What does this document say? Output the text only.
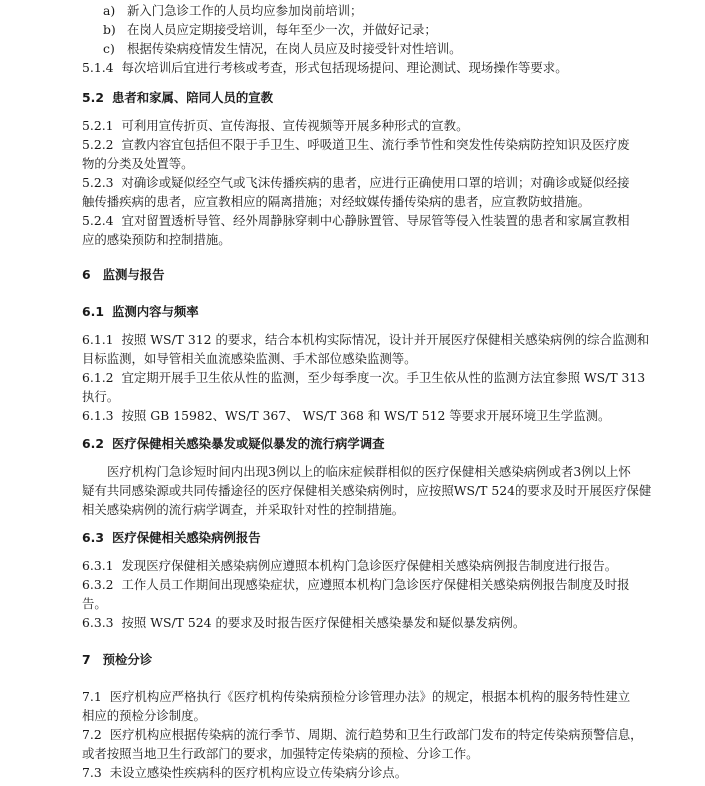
a) 新入门急诊工作的人员均应参加岗前培训；
b) 在岗人员应定期接受培训，每年至少一次，并做好记录；
c) 根据传染病疫情发生情况，在岗人员应及时接受针对性培训。
5.1.4 每次培训后宜进行考核或考查，形式包括现场提问、理论测试、现场操作等要求。
5.2 患者和家属、陪同人员的宣教
5.2.1 可利用宣传折页、宣传海报、宣传视频等开展多种形式的宣教。
5.2.2 宣教内容宜包括但不限于手卫生、呼吸道卫生、流行季节性和突发性传染病防控知识及医疗废
物的分类及处置等。
5.2.3 对确诊或疑似经空气或飞沫传播疾病的患者，应进行正确使用口罩的培训；对确诊或疑似经接
触传播疾病的患者，应宣教相应的隔离措施；对经蚊媒传播传染病的患者，应宣教防蚊措施。
5.2.4 宜对留置透析导管、经外周静脉穿刺中心静脉置管、导尿管等侵入性装置的患者和家属宣教相
应的感染预防和控制措施。
6 监测与报告
6.1 监测内容与频率
6.1.1 按照 WS/T 312 的要求，结合本机构实际情况，设计并开展医疗保健相关感染病例的综合监测和
目标监测，如导管相关血流感染监测、手术部位感染监测等。
6.1.2 宜定期开展手卫生依从性的监测，至少每季度一次。手卫生依从性的监测方法宜参照 WS/T 313
执行。
6.1.3 按照 GB 15982、WS/T 367、 WS/T 368 和 WS/T 512 等要求开展环境卫生学监测。
6.2 医疗保健相关感染暴发或疑似暴发的流行病学调查
医疗机构门急诊短时间内出现3例以上的临床症候群相似的医疗保健相关感染病例或者3例以上怀
疑有共同感染源或共同传播途径的医疗保健相关感染病例时，应按照WS/T 524的要求及时开展医疗保健
相关感染病例的流行病学调查，并采取针对性的控制措施。
6.3 医疗保健相关感染病例报告
6.3.1 发现医疗保健相关感染病例应遵照本机构门急诊医疗保健相关感染病例报告制度进行报告。
6.3.2 工作人员工作期间出现感染症状，应遵照本机构门急诊医疗保健相关感染病例报告制度及时报
告。
6.3.3 按照 WS/T 524 的要求及时报告医疗保健相关感染暴发和疑似暴发病例。
7 预检分诊
7.1 医疗机构应严格执行《医疗机构传染病预检分诊管理办法》的规定，根据本机构的服务特性建立
相应的预检分诊制度。
7.2 医疗机构应根据传染病的流行季节、周期、流行趋势和卫生行政部门发布的特定传染病预警信息，
或者按照当地卫生行政部门的要求，加强特定传染病的预检、分诊工作。
7.3 未设立感染性疾病科的医疗机构应设立传染病分诊点。
